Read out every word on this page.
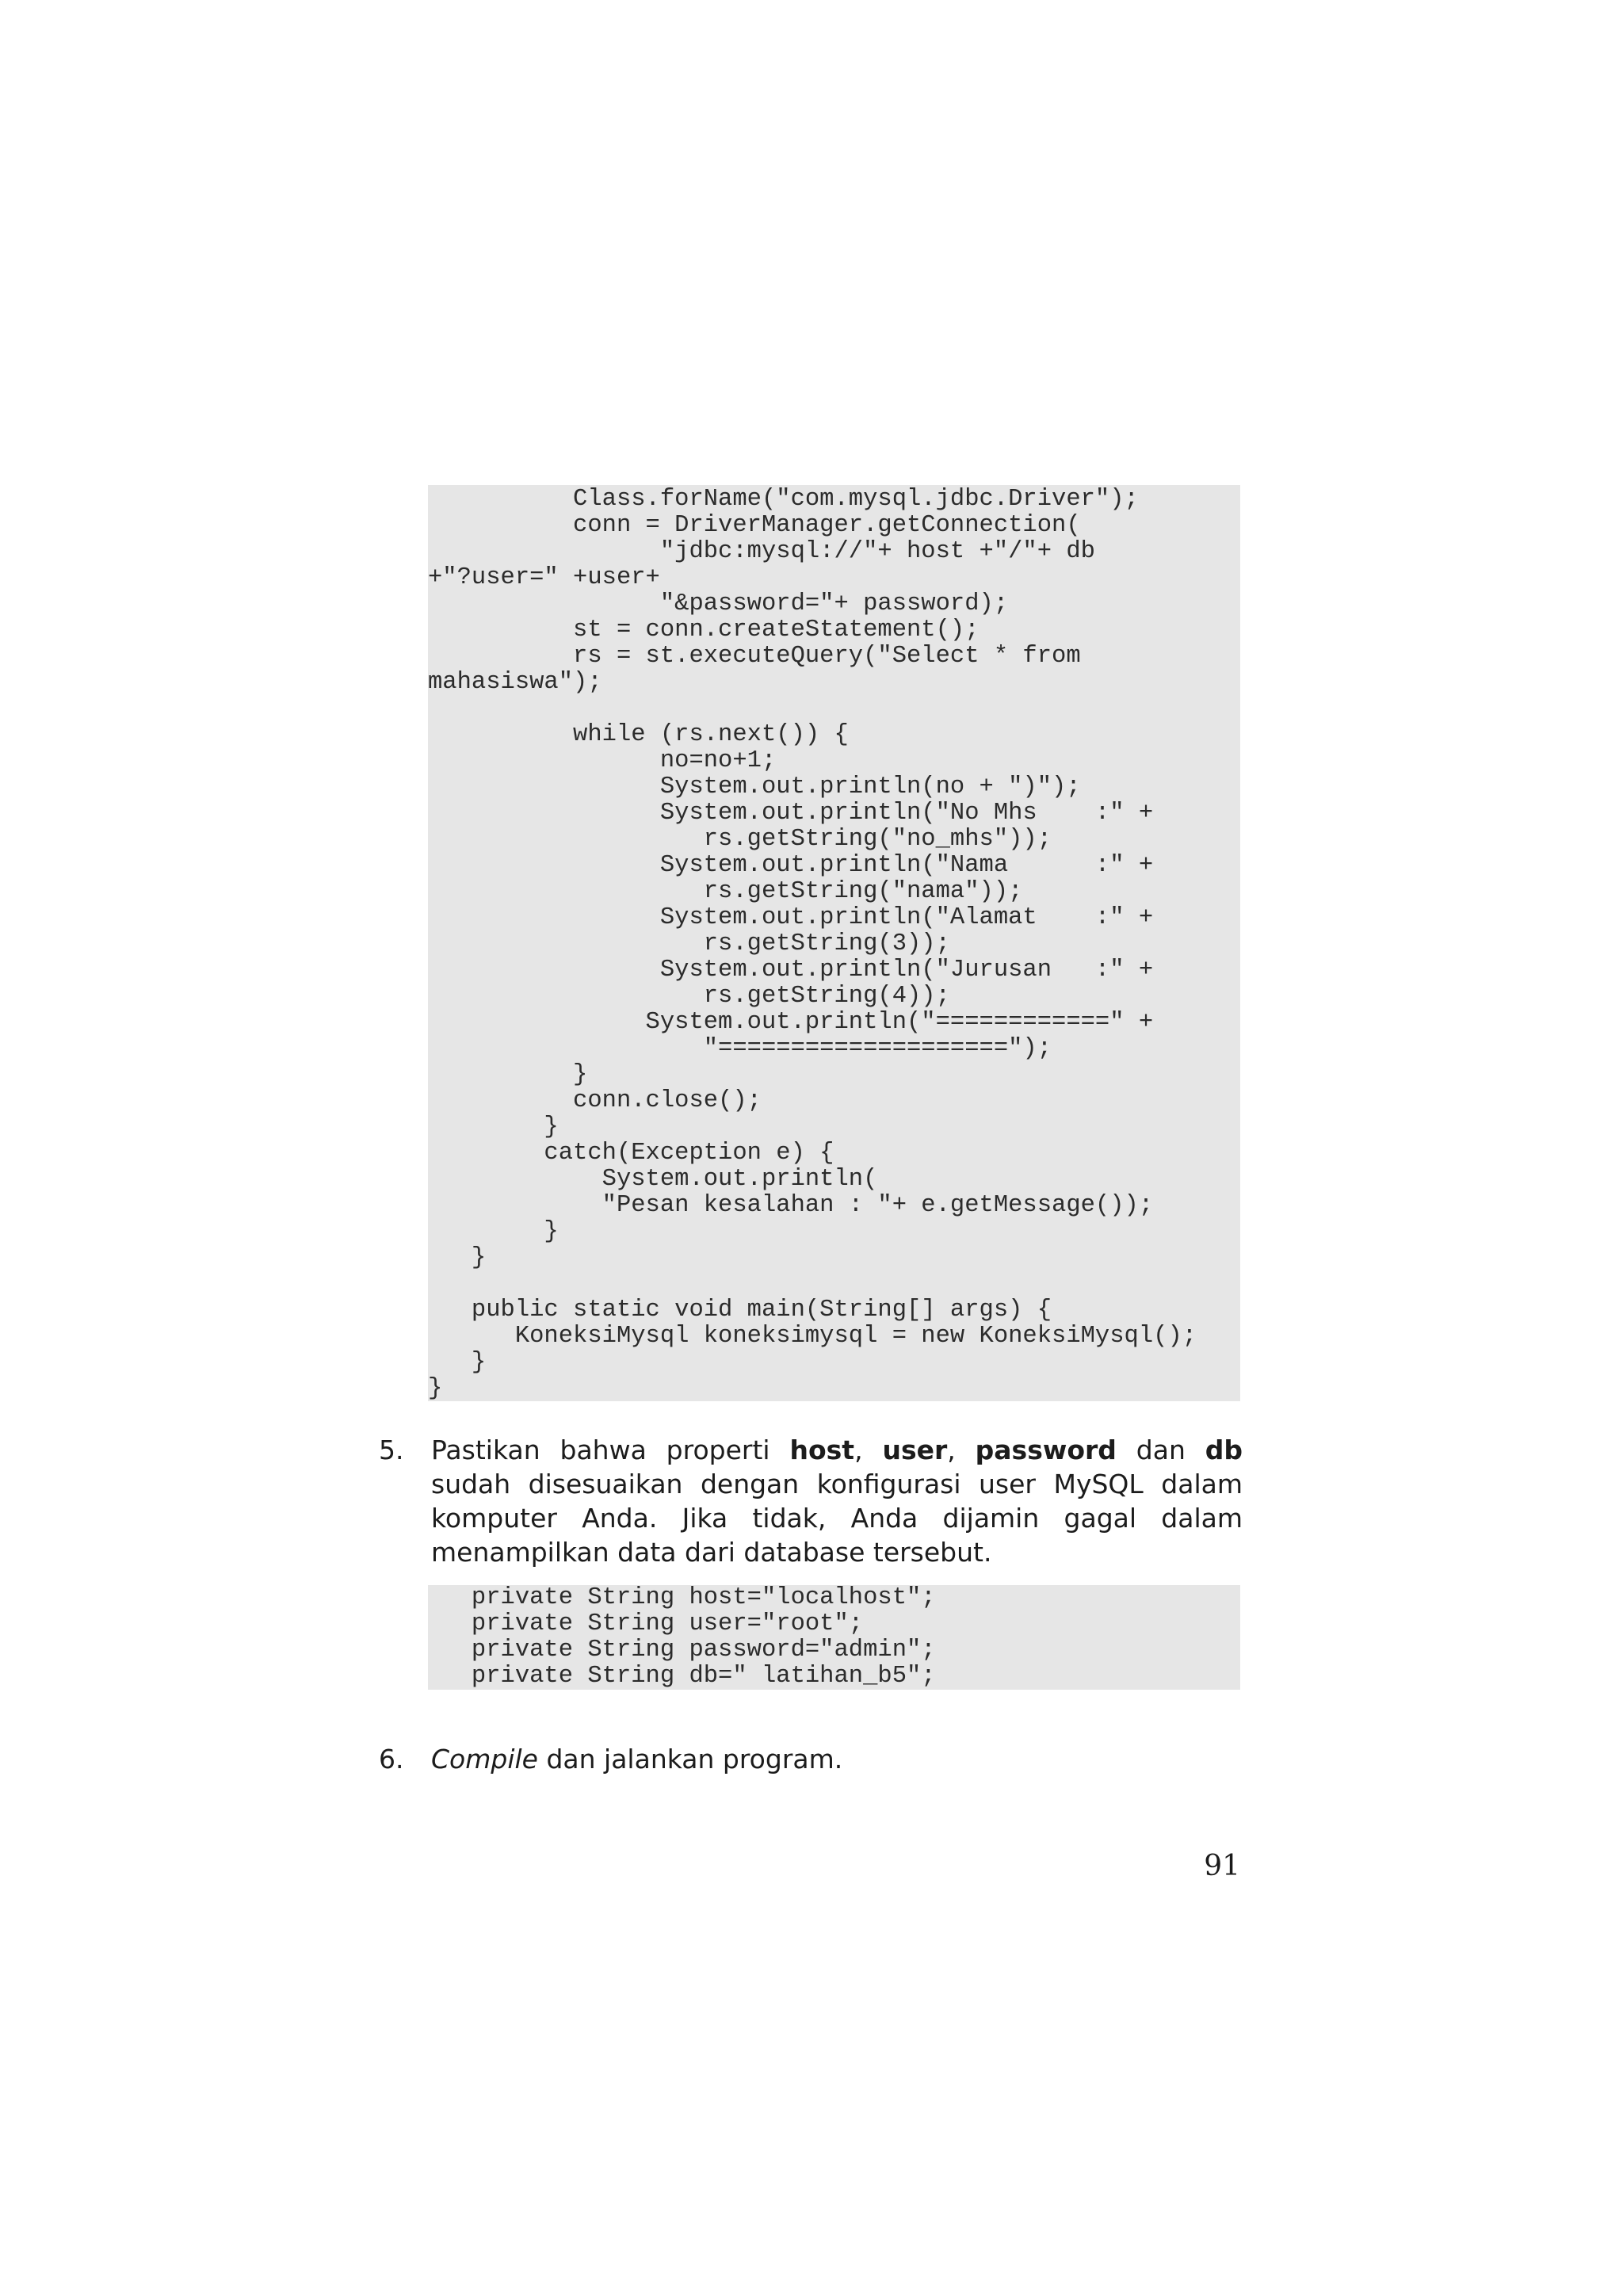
Class.forName("com.mysql.jdbc.Driver");
conn = DriverManager.getConnection(
"jdbc:mysql://"+ host +"/"+ db
+"?user=" +user+
"&password="+ password);
st = conn.createStatement();
rs = st.executeQuery("Select * from
mahasiswa");

while (rs.next()) {
no=no+1;
System.out.println(no + ")");
System.out.println("No Mhs    :" +
rs.getString("no_mhs"));
System.out.println("Nama      :" +
rs.getString("nama"));
System.out.println("Alamat    :" +
rs.getString(3));
System.out.println("Jurusan   :" +
rs.getString(4));
System.out.println("============" +
"====================");
}
conn.close();
}
catch(Exception e) {
System.out.println(
"Pesan kesalahan : "+ e.getMessage());
}
}

public static void main(String[] args) {
KoneksiMysql koneksimysql = new KoneksiMysql();
}
}
5. Pastikan bahwa properti host, user, password dan db sudah disesuaikan dengan konfigurasi user MySQL dalam komputer Anda. Jika tidak, Anda dijamin gagal dalam menampilkan data dari database tersebut.
private String host="localhost";
private String user="root";
private String password="admin";
private String db=" latihan_b5";
6. Compile dan jalankan program.
91
